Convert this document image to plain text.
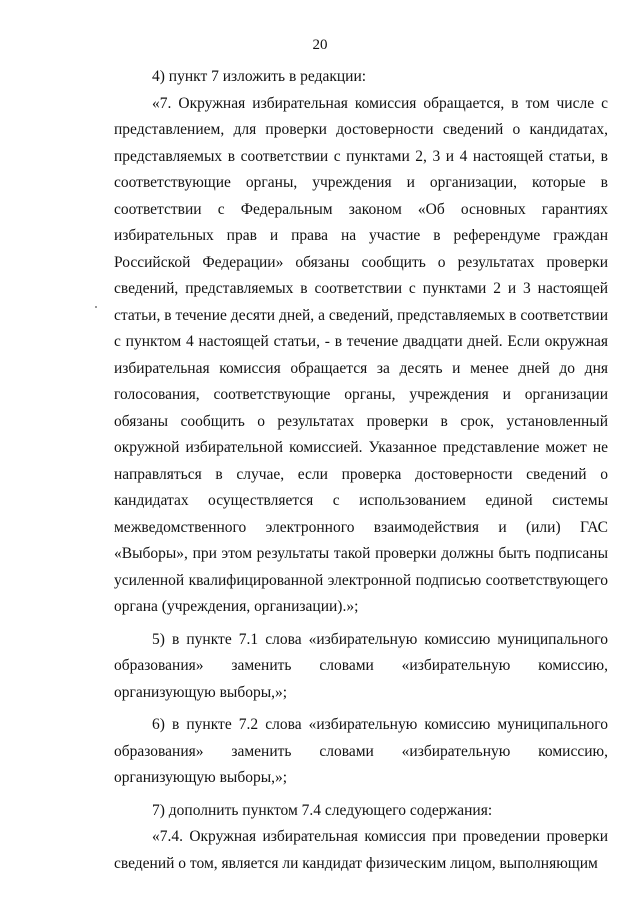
20

4) пункт 7 изложить в редакции:

«7. Окружная избирательная комиссия обращается, в том числе с представлением, для проверки достоверности сведений о кандидатах, представляемых в соответствии с пунктами 2, 3 и 4 настоящей статьи, в соответствующие органы, учреждения и организации, которые в соответствии с Федеральным законом «Об основных гарантиях избирательных прав и права на участие в референдуме граждан Российской Федерации» обязаны сообщить о результатах проверки сведений, представляемых в соответствии с пунктами 2 и 3 настоящей статьи, в течение десяти дней, а сведений, представляемых в соответствии с пунктом 4 настоящей статьи, - в течение двадцати дней. Если окружная избирательная комиссия обращается за десять и менее дней до дня голосования, соответствующие органы, учреждения и организации обязаны сообщить о результатах проверки в срок, установленный окружной избирательной комиссией. Указанное представление может не направляться в случае, если проверка достоверности сведений о кандидатах осуществляется с использованием единой системы межведомственного электронного взаимодействия и (или) ГАС «Выборы», при этом результаты такой проверки должны быть подписаны усиленной квалифицированной электронной подписью соответствующего органа (учреждения, организации).»;

5) в пункте 7.1 слова «избирательную комиссию муниципального образования» заменить словами «избирательную комиссию, организующую выборы,»;

6) в пункте 7.2 слова «избирательную комиссию муниципального образования» заменить словами «избирательную комиссию, организующую выборы,»;

7) дополнить пунктом 7.4 следующего содержания:

«7.4. Окружная избирательная комиссия при проведении проверки сведений о том, является ли кандидат физическим лицом, выполняющим
